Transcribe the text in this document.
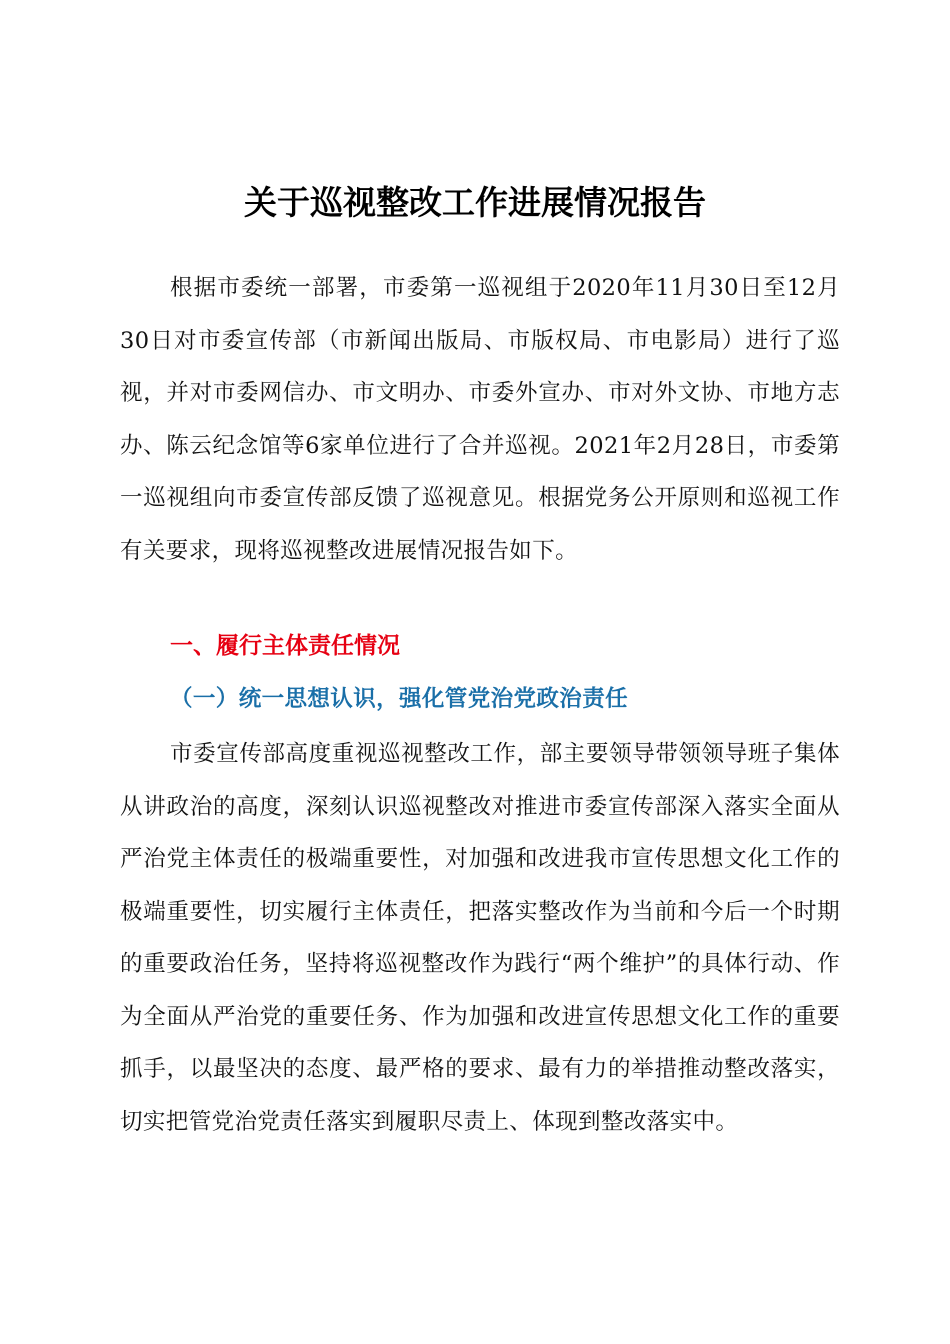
关于巡视整改工作进展情况报告

根据市委统一部署，市委第一巡视组于2020年11月30日至12月30日对市委宣传部（市新闻出版局、市版权局、市电影局）进行了巡视，并对市委网信办、市文明办、市委外宣办、市对外文协、市地方志办、陈云纪念馆等6家单位进行了合并巡视。2021年2月28日，市委第一巡视组向市委宣传部反馈了巡视意见。根据党务公开原则和巡视工作有关要求，现将巡视整改进展情况报告如下。

一、履行主体责任情况
（一）统一思想认识，强化管党治党政治责任

市委宣传部高度重视巡视整改工作，部主要领导带领领导班子集体从讲政治的高度，深刻认识巡视整改对推进市委宣传部深入落实全面从严治党主体责任的极端重要性，对加强和改进我市宣传思想文化工作的极端重要性，切实履行主体责任，把落实整改作为当前和今后一个时期的重要政治任务，坚持将巡视整改作为践行“两个维护”的具体行动、作为全面从严治党的重要任务、作为加强和改进宣传思想文化工作的重要抓手，以最坚决的态度、最严格的要求、最有力的举措推动整改落实，切实把管党治党责任落实到履职尽责上、体现到整改落实中。
